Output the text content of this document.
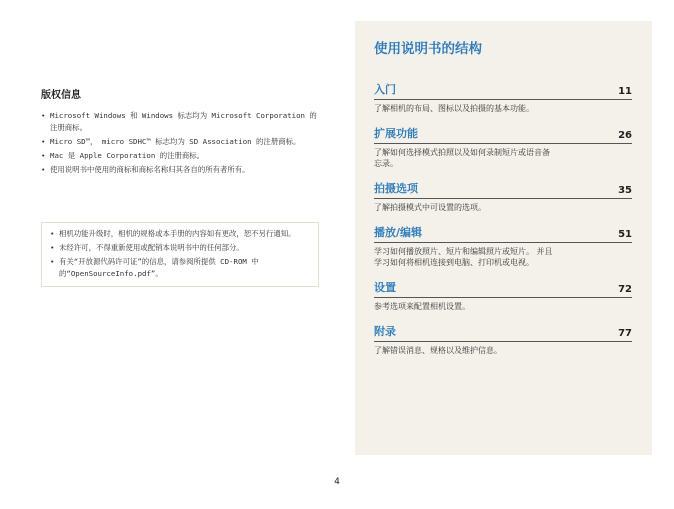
版权信息
• Microsoft Windows 和 Windows 标志均为 Microsoft Corporation 的注册商标。
• Micro SD™， micro SDHC™ 标志均为 SD Association 的注册商标。
• Mac 是 Apple Corporation 的注册商标。
• 使用说明书中使用的商标和商标名称归其各自的所有者所有。
• 相机功能升级时，相机的规格或本手册的内容如有更改，恕不另行通知。
• 未经许可，不得重新使用或配销本说明书中的任何部分。
• 有关“开放源代码许可证”的信息，请参阅所提供 CD-ROM 中的“OpenSourceInfo.pdf”。
使用说明书的结构
入门	11
了解相机的布局、图标以及拍摄的基本功能。
扩展功能	26
了解如何选择模式拍照以及如何录制短片或语音备
忘录。
拍摄选项	35
了解拍摄模式中可设置的选项。
播放/编辑	51
学习如何播放照片、短片和编辑照片或短片。 并且
学习如何将相机连接到电脑、打印机或电视。
设置	72
参考选项来配置相机设置。
附录	77
了解错误消息、规格以及维护信息。
4
